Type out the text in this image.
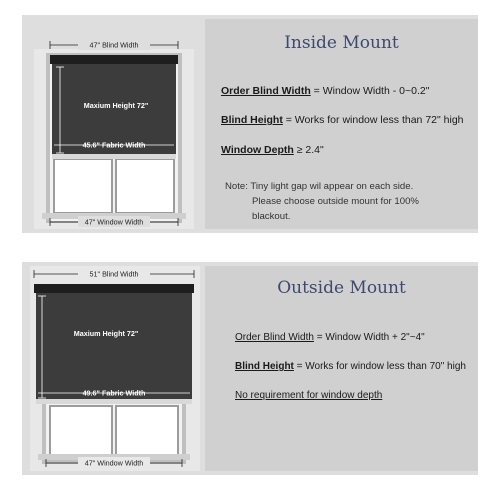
47" Blind Width
Maxium Height 72"
45.6" Fabric Width
47" Window Width
Inside Mount
Order Blind Width = Window Width - 0~0.2"
Blind Height = Works for window less than 72" high
Window Depth ≥ 2.4"
Note: Tiny light gap wil appear on each side.
Please choose outside mount for 100%
blackout.
51" Blind Width
Maxium Height 72"
49.6" Fabric Width
47" Window Width
Outside Mount
Order Blind Width = Window Width + 2"~4"
Blind Height = Works for window less than 70" high
No requirement for window depth
